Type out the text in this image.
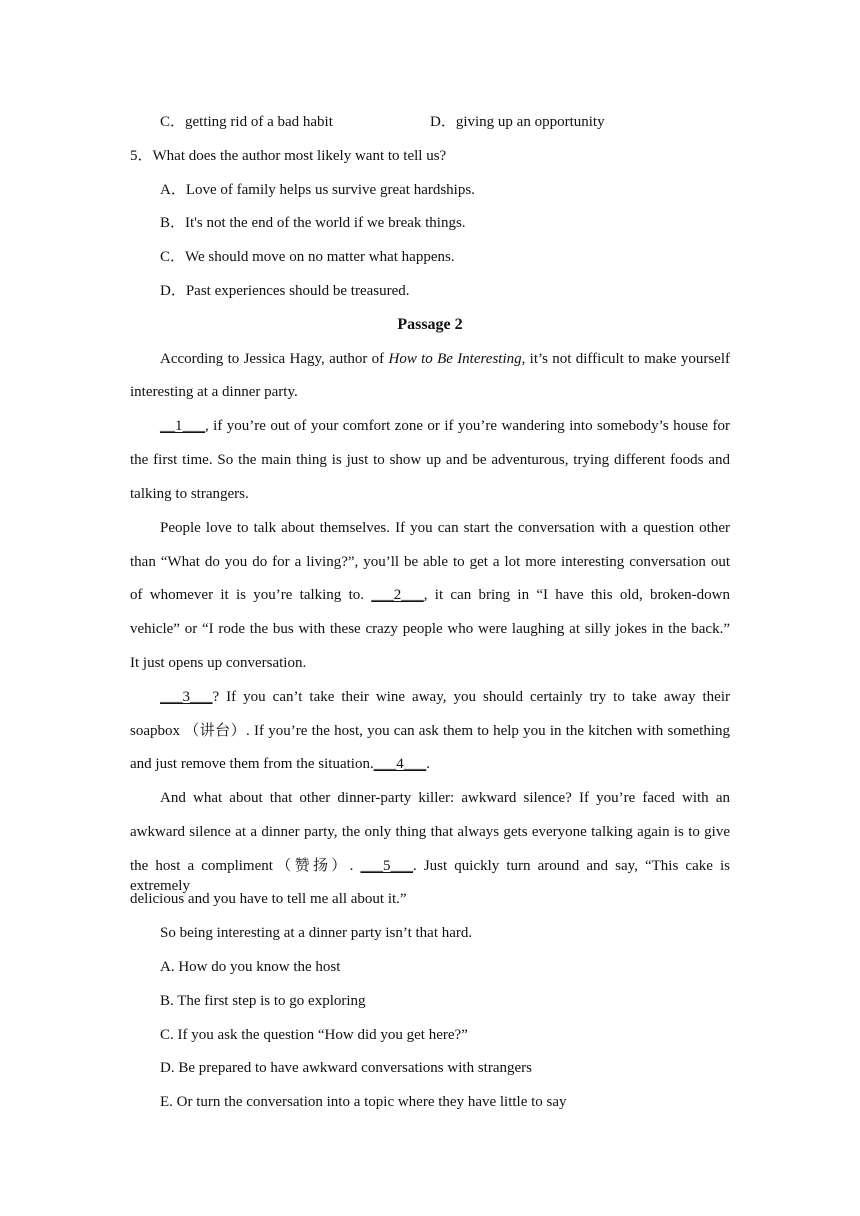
C．getting rid of a bad habit	D．giving up an opportunity
5．What does the author most likely want to tell us?
A．Love of family helps us survive great hardships.
B．It's not the end of the world if we break things.
C．We should move on no matter what happens.
D．Past experiences should be treasured.
Passage 2
According to Jessica Hagy, author of How to Be Interesting, it’s not difficult to make yourself
interesting at a dinner party.
__1___, if you’re out of your comfort zone or if you’re wandering into somebody’s house for
the first time. So the main thing is just to show up and be adventurous, trying different foods and
talking to strangers.
People love to talk about themselves. If you can start the conversation with a question other
than “What do you do for a living?”, you’ll be able to get a lot more interesting conversation out
of whomever it is you’re talking to. ___2___, it can bring in “I have this old, broken-down
vehicle” or “I rode the bus with these crazy people who were laughing at silly jokes in the back.”
It just opens up conversation.
___3___? If you can’t take their wine away, you should certainly try to take away their
soapbox （讲台）. If you’re the host, you can ask them to help you in the kitchen with something
and just remove them from the situation.___4___.
And what about that other dinner-party killer: awkward silence? If you’re faced with an
awkward silence at a dinner party, the only thing that always gets everyone talking again is to give
the host a compliment（赞扬）. ___5___. Just quickly turn around and say, “This cake is extremely
delicious and you have to tell me all about it.”
So being interesting at a dinner party isn’t that hard.
A. How do you know the host
B. The first step is to go exploring
C. If you ask the question “How did you get here?”
D. Be prepared to have awkward conversations with strangers
E. Or turn the conversation into a topic where they have little to say
